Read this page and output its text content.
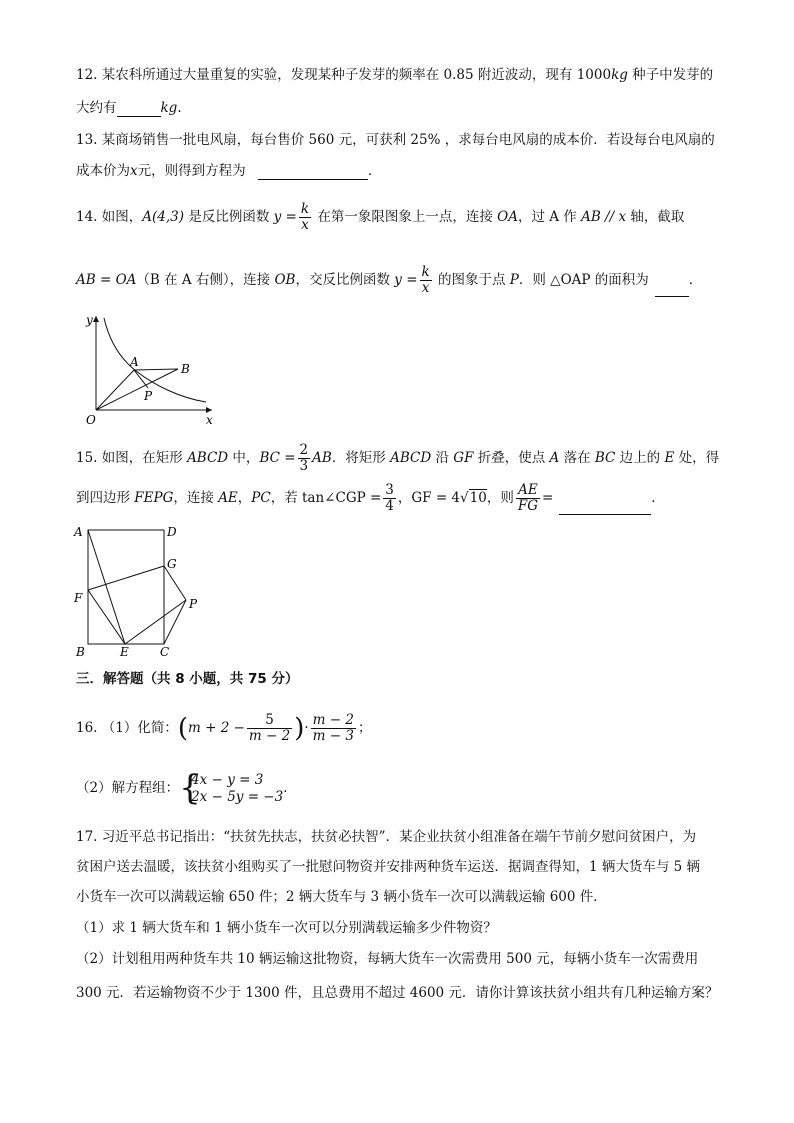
12. 某农科所通过大量重复的实验，发现某种子发芽的频率在 0.85 附近波动，现有 1000kg 种子中发芽的
大约有	kg.
13. 某商场销售一批电风扇，每台售价 560 元，可获利 25% ，求每台电风扇的成本价．若设每台电风扇的
成本价为x元，则得到方程为	．
14. 如图，A(4,3) 是反比例函数 $y = \frac{k}{x}$ 在第一象限图象上一点，连接 OA，过 A 作 AB // x 轴，截取
AB = OA（B 在 A 右侧），连接 OB，交反比例函数 $y = \frac{k}{x}$ 的图象于点 P．则 △OAP 的面积为	．
y
x
O
A	B
P
15. 如图，在矩形 ABCD 中，BC = $\frac{2}{3}$ AB．将矩形 ABCD 沿 GF 折叠，使点 A 落在 BC 边上的 E 处，得
到四边形 FEPG，连接 AE，PC，若 tan∠CGP = $\frac{3}{4}$ ，GF = 4√10，则 $\frac{AE}{FG}$ =	．
A	D
G
F	P
B	E	C
三．解答题（共 8 小题，共 75 分）
16. （1）化简：($m + 2 - \frac{5}{m - 2}$ )· $\frac{m - 2}{m - 3}$ ；
（2）解方程组： {
4x − y = 3
2x − 5y = −3
．
17. 习近平总书记指出：“扶贫先扶志，扶贫必扶智”．某企业扶贫小组准备在端午节前夕慰问贫困户，为
贫困户送去温暖，该扶贫小组购买了一批慰问物资并安排两种货车运送．据调查得知，1 辆大货车与 5 辆
小货车一次可以满载运输 650 件；2 辆大货车与 3 辆小货车一次可以满载运输 600 件．
（1）求 1 辆大货车和 1 辆小货车一次可以分别满载运输多少件物资？
（2）计划租用两种货车共 10 辆运输这批物资，每辆大货车一次需费用 500 元，每辆小货车一次需费用
300 元．若运输物资不少于 1300 件，且总费用不超过 4600 元．请你计算该扶贫小组共有几种运输方案？
